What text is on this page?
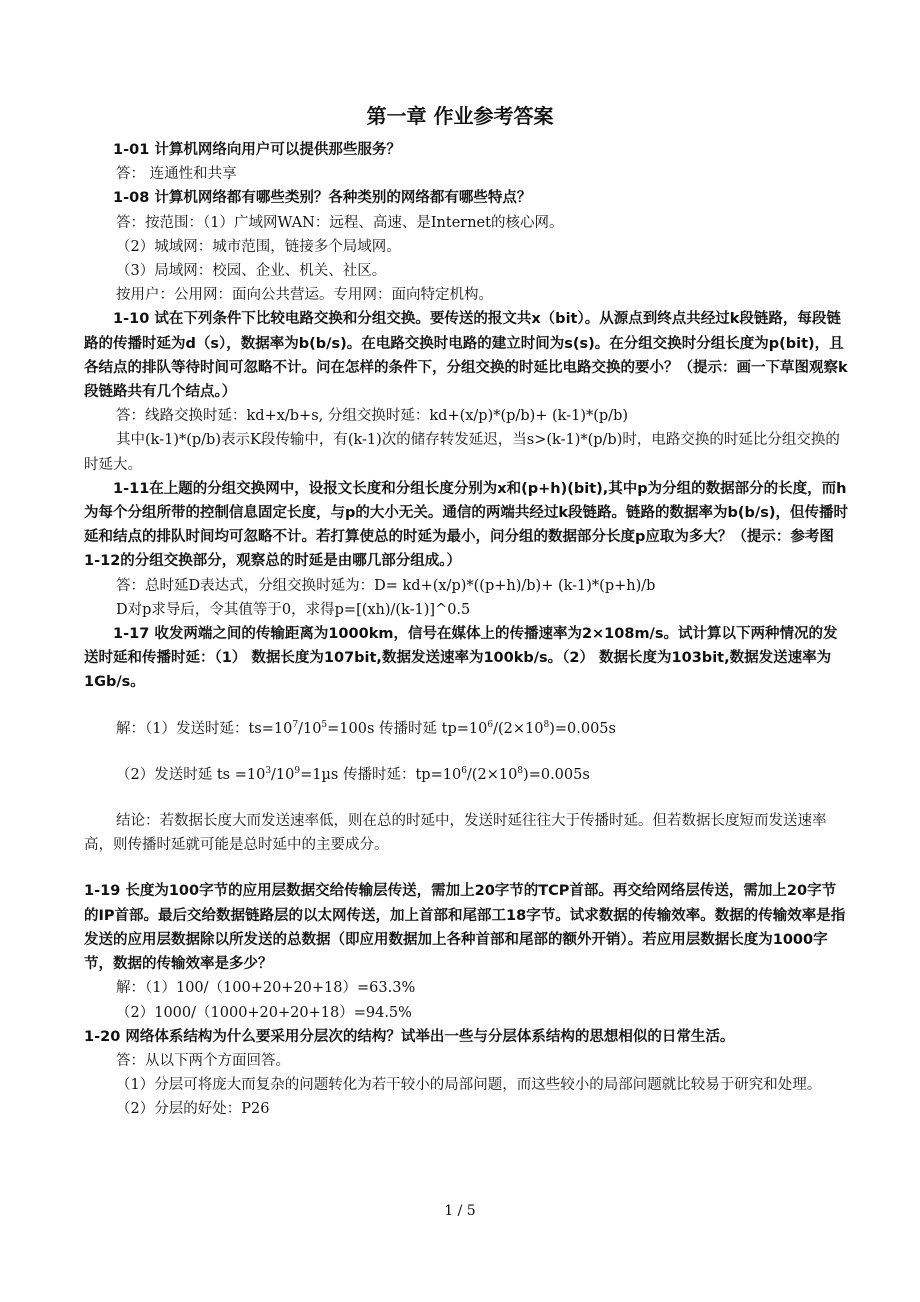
第一章 作业参考答案

1-01 计算机网络向用户可以提供那些服务？

答： 连通性和共享

1-08 计算机网络都有哪些类别？各种类别的网络都有哪些特点？

答：按范围：（1）广域网WAN：远程、高速、是Internet的核心网。

（2）城域网：城市范围，链接多个局域网。

（3）局域网：校园、企业、机关、社区。

按用户：公用网：面向公共营运。专用网：面向特定机构。

1-10 试在下列条件下比较电路交换和分组交换。要传送的报文共x（bit）。从源点到终点共经过k段链路，每段链路的传播时延为d（s），数据率为b(b/s)。在电路交换时电路的建立时间为s(s)。在分组交换时分组长度为p(bit)，且各结点的排队等待时间可忽略不计。问在怎样的条件下，分组交换的时延比电路交换的要小？（提示：画一下草图观察k段链路共有几个结点。）

答：线路交换时延：kd+x/b+s, 分组交换时延：kd+(x/p)*(p/b)+ (k-1)*(p/b)

其中(k-1)*(p/b)表示K段传输中，有(k-1)次的储存转发延迟，当s>(k-1)*(p/b)时，电路交换的时延比分组交换的时延大。

1-11在上题的分组交换网中，设报文长度和分组长度分别为x和(p+h)(bit),其中p为分组的数据部分的长度，而h为每个分组所带的控制信息固定长度，与p的大小无关。通信的两端共经过k段链路。链路的数据率为b(b/s)，但传播时延和结点的排队时间均可忽略不计。若打算使总的时延为最小，问分组的数据部分长度p应取为多大？（提示：参考图1-12的分组交换部分，观察总的时延是由哪几部分组成。）

答：总时延D表达式，分组交换时延为：D= kd+(x/p)*((p+h)/b)+ (k-1)*(p+h)/b

D对p求导后，令其值等于0，求得p=[(xh)/(k-1)]^0.5

1-17 收发两端之间的传输距离为1000km，信号在媒体上的传播速率为2×108m/s。试计算以下两种情况的发送时延和传播时延：（1） 数据长度为107bit,数据发送速率为100kb/s。（2） 数据长度为103bit,数据发送速率为1Gb/s。

解：（1）发送时延：$ts=10^7/10^5=100s$ 传播时延 $tp=10^6/(2\times 10^8)=0.005s$

（2）发送时延 ts $=10^3/10^9=1\mu s$ 传播时延：$tp=10^6/(2\times 10^8)=0.005s$

结论：若数据长度大而发送速率低，则在总的时延中，发送时延往往大于传播时延。但若数据长度短而发送速率高，则传播时延就可能是总时延中的主要成分。

1-19 长度为100字节的应用层数据交给传输层传送，需加上20字节的TCP首部。再交给网络层传送，需加上20字节的IP首部。最后交给数据链路层的以太网传送，加上首部和尾部工18字节。试求数据的传输效率。数据的传输效率是指发送的应用层数据除以所发送的总数据（即应用数据加上各种首部和尾部的额外开销）。若应用层数据长度为1000字节，数据的传输效率是多少？

解：（1）100/（100+20+20+18）=63.3%

（2）1000/（1000+20+20+18）=94.5%

1-20 网络体系结构为什么要采用分层次的结构？试举出一些与分层体系结构的思想相似的日常生活。

答：从以下两个方面回答。

（1）分层可将庞大而复杂的问题转化为若干较小的局部问题，而这些较小的局部问题就比较易于研究和处理。

（2）分层的好处：P26

1 / 5
